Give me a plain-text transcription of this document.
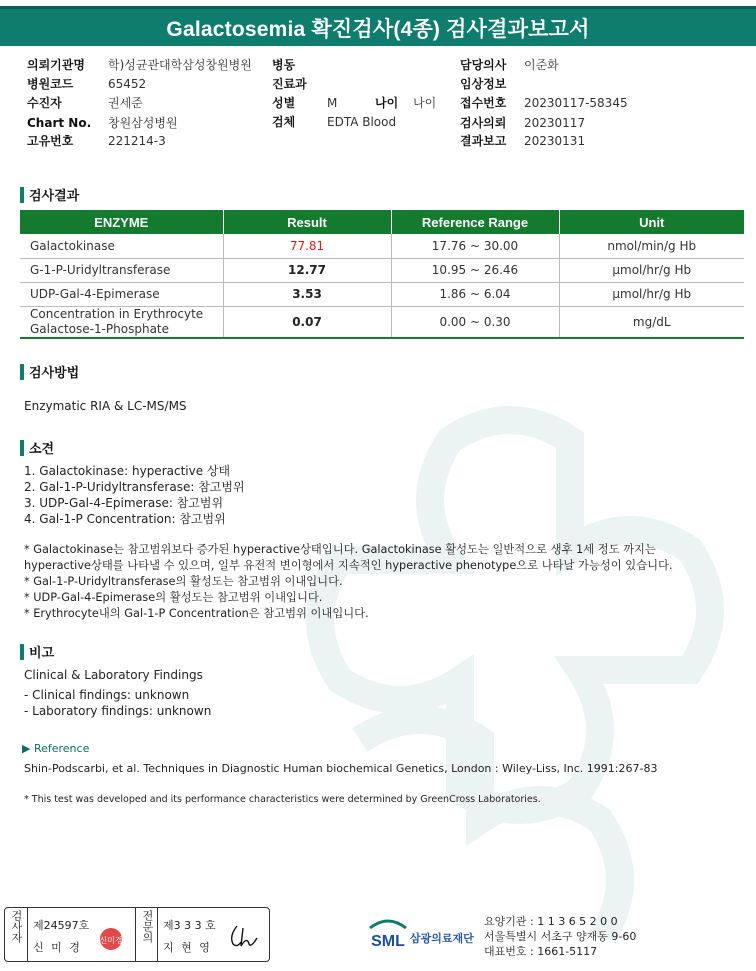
Galactosemia 확진검사(4종) 검사결과보고서
의뢰기관명 학)성균관대학삼성창원병원
병원코드	65452
수진자	권세준
Chart No. 창원삼성병원
고유번호	221214-3
병동
진료과
성별	M	나이 나이
검체	EDTA Blood
담당의사 이준화
임상정보
접수번호 20230117-58345
검사의뢰 20230117
결과보고 20230131
검사결과
ENZYME	Result	Reference Range	Unit
Galactokinase	77.81	17.76 ~ 30.00	nmol/min/g Hb
G-1-P-Uridyltransferase	12.77	10.95 ~ 26.46	μmol/hr/g Hb
UDP-Gal-4-Epimerase	3.53	1.86 ~ 6.04	μmol/hr/g Hb

Concentration in Erythrocyte
Galactose-1-Phosphate	0.07	0.00 ~ 0.30	mg/dL
검사방법
Enzymatic RIA & LC-MS/MS
소견
1. Galactokinase: hyperactive 상태
2. Gal-1-P-Uridyltransferase: 참고범위
3. UDP-Gal-4-Epimerase: 참고범위
4. Gal-1-P Concentration: 참고범위
* Galactokinase는 참고범위보다 증가된 hyperactive상태입니다. Galactokinase 활성도는 일반적으로 생후 1세 정도 까지는
hyperactive상태를 나타낼 수 있으며, 일부 유전적 변이형에서 지속적인 hyperactive phenotype으로 나타날 가능성이 있습니다.
* Gal-1-P-Uridyltransferase의 활성도는 참고범위 이내입니다.
* UDP-Gal-4-Epimerase의 활성도는 참고범위 이내입니다.
* Erythrocyte내의 Gal-1-P Concentration은 참고범위 이내입니다.
비고
Clinical & Laboratory Findings
- Clinical findings: unknown
- Laboratory findings: unknown
▶ Reference
Shin-Podscarbi, et al. Techniques in Diagnostic Human biochemical Genetics, London : Wiley-Liss, Inc. 1991:267-83
* This test was developed and its performance characteristics were determined by GreenCross Laboratories.
검사자 제24597호
신 미 경
신미경 전문의 제3 3 3 호
지 현 영	SML 삼광의료재단
요양기관 : 1 1 3 6 5 2 0 0
서울특별시 서초구 양재동 9-60
대표번호 : 1661-5117
